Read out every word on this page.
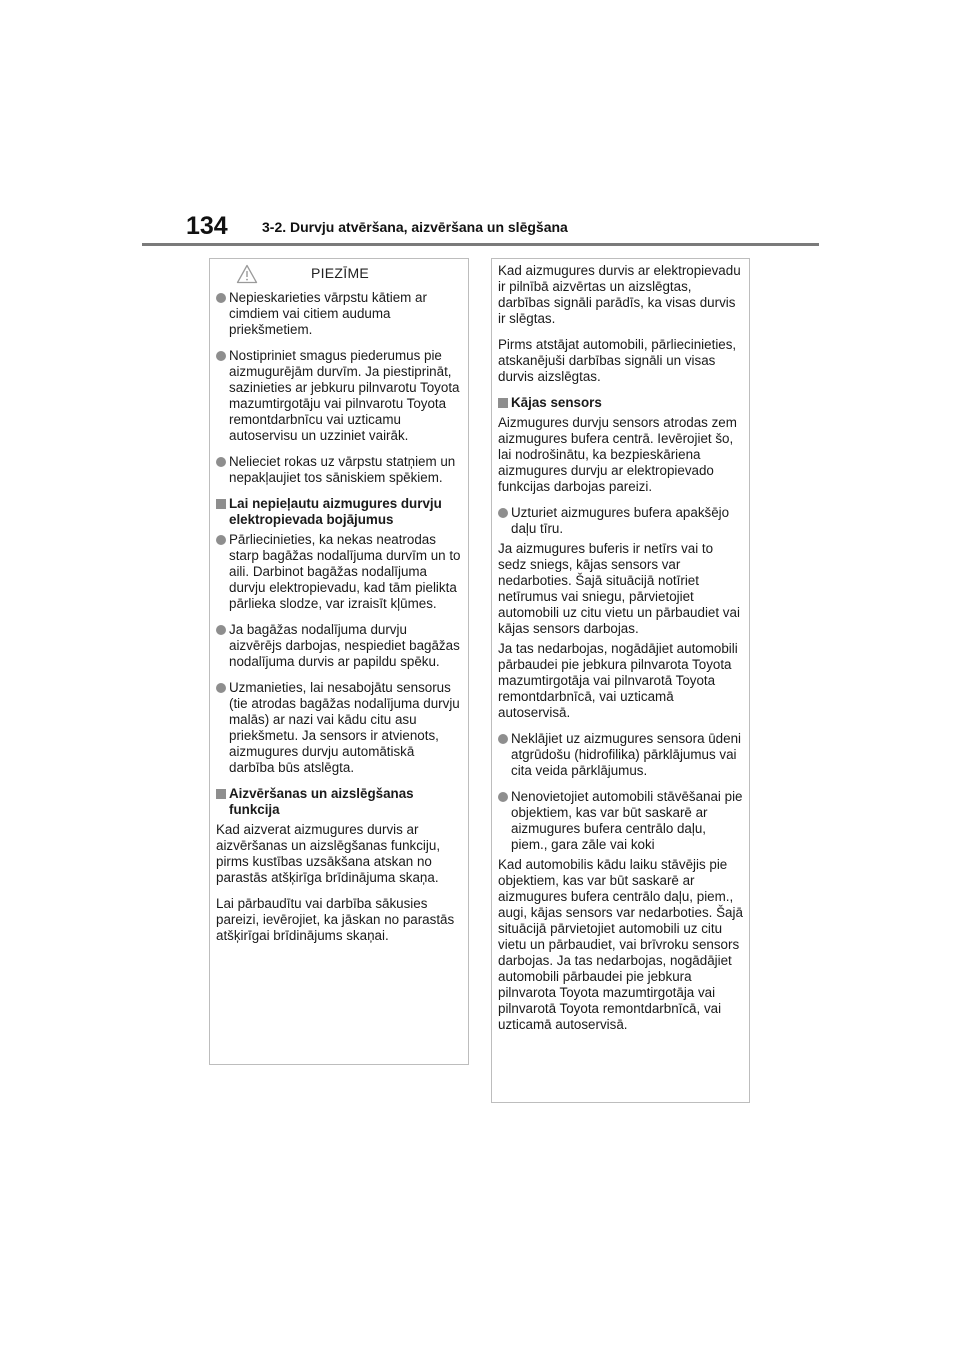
134 3-2. Durvju atvēršana, aizvēršana un slēgšana
PIEZĪME

Nepieskarieties vārpstu kātiem ar cimdiem vai citiem auduma priekšmetiem.

Nostipriniet smagus piederumus pie aizmugurējām durvīm. Ja piestiprināt, sazinieties ar jebkuru pilnvarotu Toyota mazumtirgotāju vai pilnvarotu Toyota remontdarbnīcu vai uzticamu autoservisu un uzziniet vairāk.

Nelieciet rokas uz vārpstu statņiem un nepakļaujiet tos sāniskiem spēkiem.

Lai nepieļautu aizmugures durvju elektropievada bojājumus

Pārliecinieties, ka nekas neatrodas starp bagāžas nodalījuma durvīm un to aili. Darbinot bagāžas nodalījuma durvju elektropievadu, kad tām pielikta pārlieka slodze, var izraisīt kļūmes.

Ja bagāžas nodalījuma durvju aizvērējs darbojas, nespiediet bagāžas nodalījuma durvis ar papildu spēku.

Uzmanieties, lai nesabojātu sensorus (tie atrodas bagāžas nodalījuma durvju malās) ar nazi vai kādu citu asu priekšmetu. Ja sensors ir atvienots, aizmugures durvju automātiskā darbība būs atslēgta.

Aizvēršanas un aizslēgšanas funkcija

Kad aizverat aizmugures durvis ar aizvēršanas un aizslēgšanas funkciju, pirms kustības uzsākšana atskan no parastās atšķirīga brīdinājuma skaņa.

Lai pārbaudītu vai darbība sākusies pareizi, ievērojiet, ka jāskan no parastās atšķirīgai brīdinājums skaņai.

Kad aizmugures durvis ar elektropievadu ir pilnībā aizvērtas un aizslēgtas, darbības signāli parādīs, ka visas durvis ir slēgtas.

Pirms atstājat automobili, pārliecinieties, atskanējuši darbības signāli un visas durvis aizslēgtas.

Kājas sensors

Aizmugures durvju sensors atrodas zem aizmugures bufera centrā. Ievērojiet šo, lai nodrošinātu, ka bezpieskāriena aizmugures durvju ar elektropievado funkcijas darbojas pareizi.

Uzturiet aizmugures bufera apakšējo daļu tīru.

Ja aizmugures buferis ir netīrs vai to sedz sniegs, kājas sensors var nedarboties. Šajā situācijā notīriet netīrumus vai sniegu, pārvietojiet automobili uz citu vietu un pārbaudiet vai kājas sensors darbojas.

Ja tas nedarbojas, nogādājiet automobili pārbaudei pie jebkura pilnvarota Toyota mazumtirgotāja vai pilnvarotā Toyota remontdarbnīcā, vai uzticamā autoservisā.

Neklājiet uz aizmugures sensora ūdeni atgrūdošu (hidrofilika) pārklājumus vai cita veida pārklājumus.

Nenovietojiet automobili stāvēšanai pie objektiem, kas var būt saskarē ar aizmugures bufera centrālo daļu, piem., gara zāle vai koki

Kad automobilis kādu laiku stāvējis pie objektiem, kas var būt saskarē ar aizmugures bufera centrālo daļu, piem., augi, kājas sensors var nedarboties. Šajā situācijā pārvietojiet automobili uz citu vietu un pārbaudiet, vai brīvroku sensors darbojas. Ja tas nedarbojas, nogādājiet automobili pārbaudei pie jebkura pilnvarota Toyota mazumtirgotāja vai pilnvarotā Toyota remontdarbnīcā, vai uzticamā autoservisā.
